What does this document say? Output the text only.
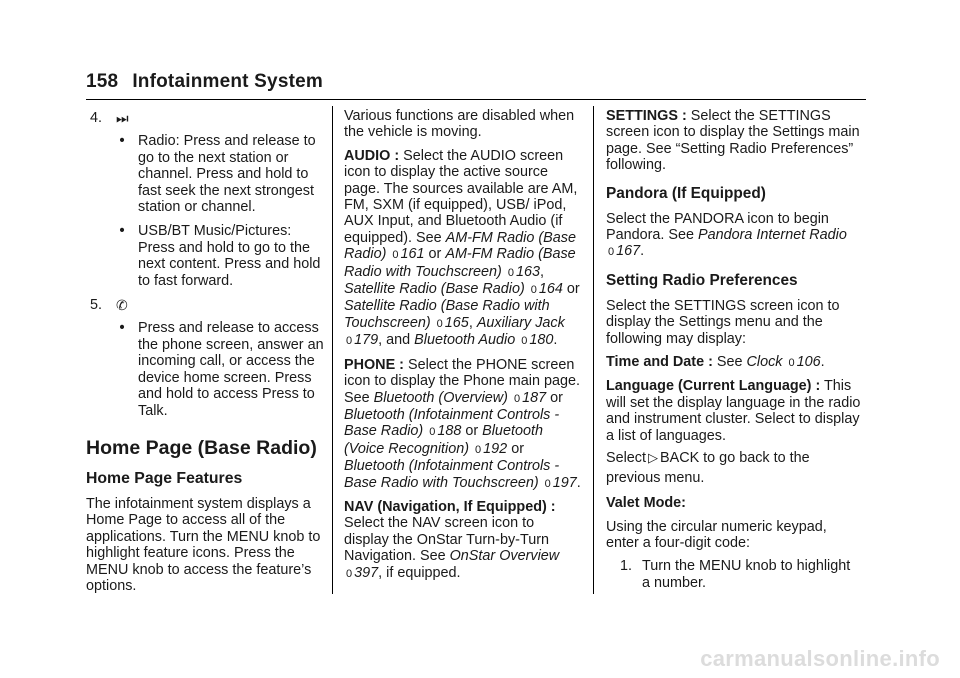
158 Infotainment System
4. ⏭
• Radio: Press and release to go to the next station or channel. Press and hold to fast seek the next strongest station or channel.
• USB/BT Music/Pictures: Press and hold to go to the next content. Press and hold to fast forward.
5. ✆
• Press and release to access the phone screen, answer an incoming call, or access the device home screen. Press and hold to access Press to Talk.
Home Page (Base Radio)
Home Page Features

The infotainment system displays a Home Page to access all of the applications. Turn the MENU knob to highlight feature icons. Press the MENU knob to access the feature’s options.

Various functions are disabled when the vehicle is moving.

AUDIO : Select the AUDIO screen icon to display the active source page. The sources available are AM, FM, SXM (if equipped), USB/ iPod, AUX Input, and Bluetooth Audio (if equipped). See AM-FM Radio (Base Radio) 0 161 or AM-FM Radio (Base Radio with Touchscreen) 0 163, Satellite Radio (Base Radio) 0 164 or Satellite Radio (Base Radio with Touchscreen) 0 165, Auxiliary Jack 0 179, and Bluetooth Audio 0 180.

PHONE : Select the PHONE screen icon to display the Phone main page. See Bluetooth (Overview) 0 187 or Bluetooth (Infotainment Controls - Base Radio) 0 188 or Bluetooth (Voice Recognition) 0 192 or Bluetooth (Infotainment Controls - Base Radio with Touchscreen) 0 197.

NAV (Navigation, If Equipped) : Select the NAV screen icon to display the OnStar Turn-by-Turn Navigation. See OnStar Overview 0 397, if equipped.

SETTINGS : Select the SETTINGS screen icon to display the Settings main page. See “Setting Radio Preferences” following.

Pandora (If Equipped)

Select the PANDORA icon to begin Pandora. See Pandora Internet Radio 0 167.

Setting Radio Preferences

Select the SETTINGS screen icon to display the Settings menu and the following may display:

Time and Date : See Clock 0 106.

Language (Current Language) : This will set the display language in the radio and instrument cluster. Select to display a list of languages.

Select ▷ BACK to go back to the previous menu.

Valet Mode:

Using the circular numeric keypad, enter a four-digit code:

1. Turn the MENU knob to highlight a number.
carmanualsonline.info
